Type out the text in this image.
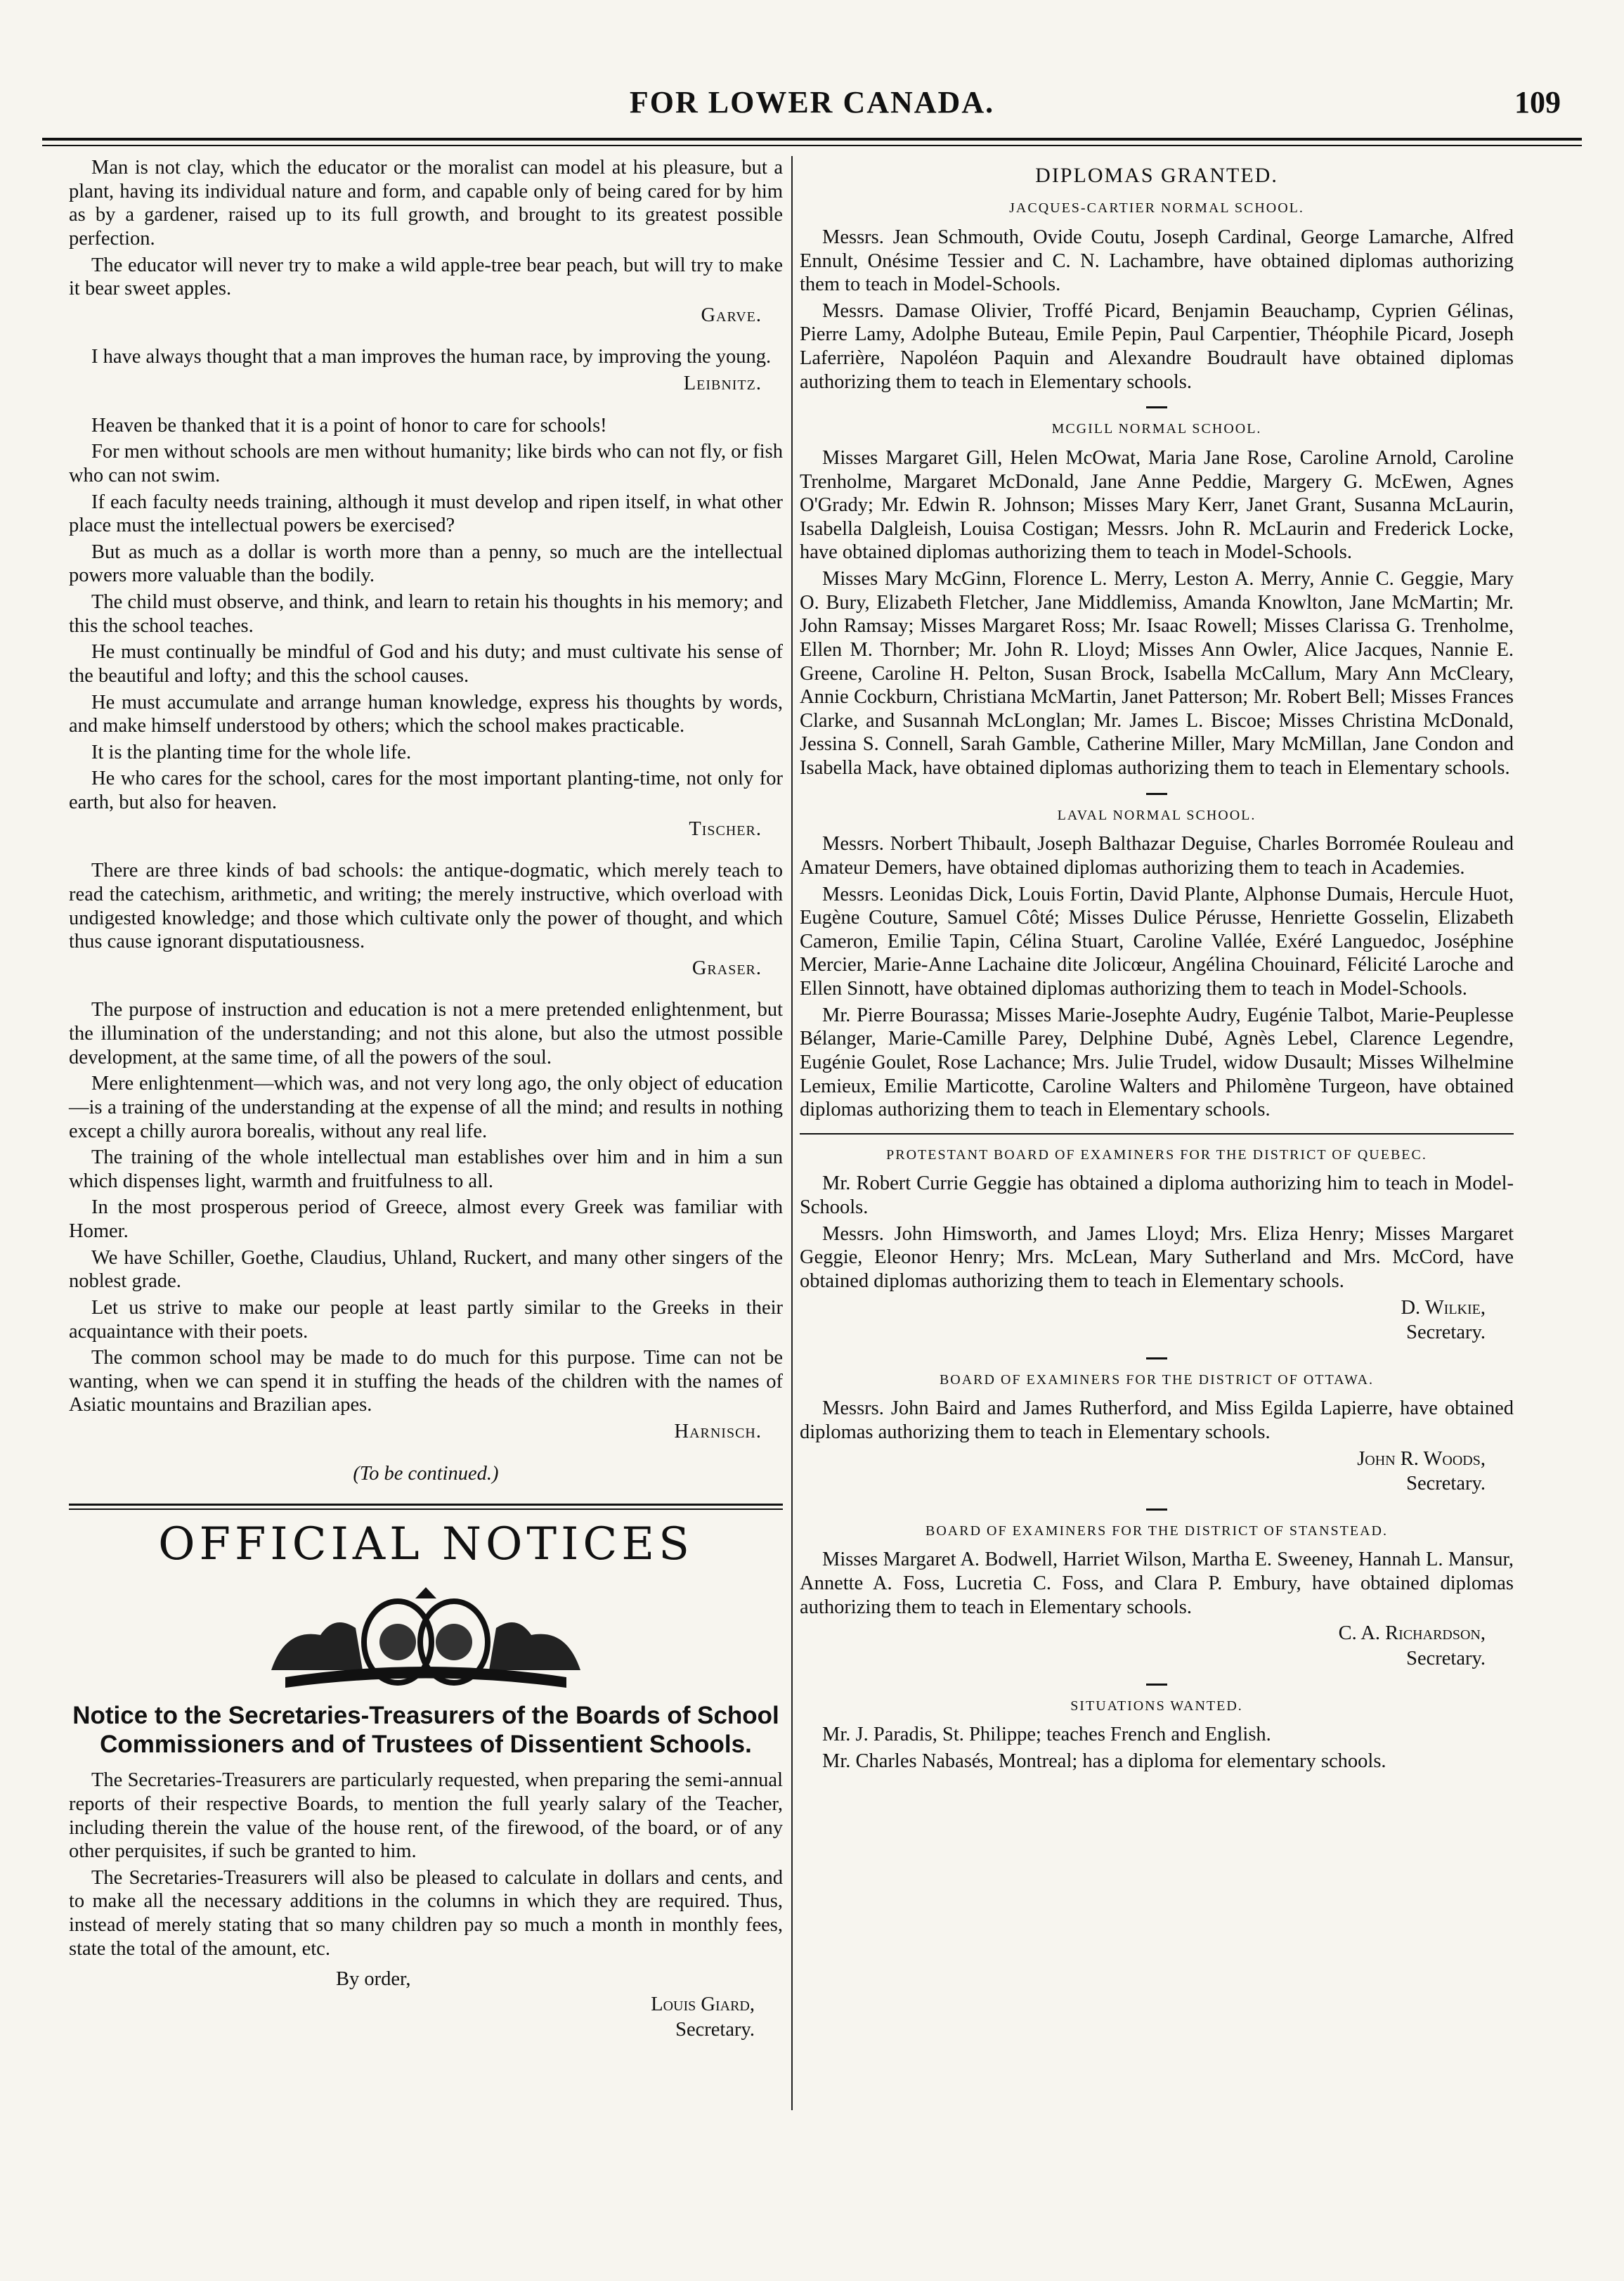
FOR LOWER CANADA.	109

Man is not clay, which the educator or the moralist can model at his pleasure, but a plant, having its individual nature and form, and capable only of being cared for by him as by a gardener, raised up to its full growth, and brought to its greatest possible perfection.

The educator will never try to make a wild apple-tree bear peach, but will try to make it bear sweet apples.

Garve.

I have always thought that a man improves the human race, by improving the young.

Leibnitz.

Heaven be thanked that it is a point of honor to care for schools!

For men without schools are men without humanity; like birds who can not fly, or fish who can not swim.

If each faculty needs training, although it must develop and ripen itself, in what other place must the intellectual powers be exercised?

But as much as a dollar is worth more than a penny, so much are the intellectual powers more valuable than the bodily.

The child must observe, and think, and learn to retain his thoughts in his memory; and this the school teaches.

He must continually be mindful of God and his duty; and must cultivate his sense of the beautiful and lofty; and this the school causes.

He must accumulate and arrange human knowledge, express his thoughts by words, and make himself understood by others; which the school makes practicable.

It is the planting time for the whole life.

He who cares for the school, cares for the most important planting-time, not only for earth, but also for heaven.

Tischer.

There are three kinds of bad schools: the antique-dogmatic, which merely teach to read the catechism, arithmetic, and writing; the merely instructive, which overload with undigested knowledge; and those which cultivate only the power of thought, and which thus cause ignorant disputatiousness.

Graser.

The purpose of instruction and education is not a mere pretended enlightenment, but the illumination of the understanding; and not this alone, but also the utmost possible development, at the same time, of all the powers of the soul.

Mere enlightenment—which was, and not very long ago, the only object of education—is a training of the understanding at the expense of all the mind; and results in nothing except a chilly aurora borealis, without any real life.

The training of the whole intellectual man establishes over him and in him a sun which dispenses light, warmth and fruitfulness to all.

In the most prosperous period of Greece, almost every Greek was familiar with Homer.

We have Schiller, Goethe, Claudius, Uhland, Ruckert, and many other singers of the noblest grade.

Let us strive to make our people at least partly similar to the Greeks in their acquaintance with their poets.

The common school may be made to do much for this purpose. Time can not be wanting, when we can spend it in stuffing the heads of the children with the names of Asiatic mountains and Brazilian apes.

Harnisch.
(To be continued.)
OFFICIAL NOTICES
Notice to the Secretaries-Treasurers of the Boards of School Commissioners and of Trustees of Dissentient Schools.

The Secretaries-Treasurers are particularly requested, when preparing the semi-annual reports of their respective Boards, to mention the full yearly salary of the Teacher, including therein the value of the house rent, of the firewood, of the board, or of any other perquisites, if such be granted to him.

The Secretaries-Treasurers will also be pleased to calculate in dollars and cents, and to make all the necessary additions in the columns in which they are required. Thus, instead of merely stating that so many children pay so much a month in monthly fees, state the total of the amount, etc.

By order,
Louis Giard,
Secretary.
DIPLOMAS GRANTED.
JACQUES-CARTIER NORMAL SCHOOL.

Messrs. Jean Schmouth, Ovide Coutu, Joseph Cardinal, George Lamarche, Alfred Ennult, Onésime Tessier and C. N. Lachambre, have obtained diplomas authorizing them to teach in Model-Schools.

Messrs. Damase Olivier, Troffé Picard, Benjamin Beauchamp, Cyprien Gélinas, Pierre Lamy, Adolphe Buteau, Emile Pepin, Paul Carpentier, Théophile Picard, Joseph Laferrière, Napoléon Paquin and Alexandre Boudrault have obtained diplomas authorizing them to teach in Elementary schools.

MCGILL NORMAL SCHOOL.

Misses Margaret Gill, Helen McOwat, Maria Jane Rose, Caroline Arnold, Caroline Trenholme, Margaret McDonald, Jane Anne Peddie, Margery G. McEwen, Agnes O'Grady; Mr. Edwin R. Johnson; Misses Mary Kerr, Janet Grant, Susanna McLaurin, Isabella Dalgleish, Louisa Costigan; Messrs. John R. McLaurin and Frederick Locke, have obtained diplomas authorizing them to teach in Model-Schools.

Misses Mary McGinn, Florence L. Merry, Leston A. Merry, Annie C. Geggie, Mary O. Bury, Elizabeth Fletcher, Jane Middlemiss, Amanda Knowlton, Jane McMartin; Mr. John Ramsay; Misses Margaret Ross; Mr. Isaac Rowell; Misses Clarissa G. Trenholme, Ellen M. Thornber; Mr. John R. Lloyd; Misses Ann Owler, Alice Jacques, Nannie E. Greene, Caroline H. Pelton, Susan Brock, Isabella McCallum, Mary Ann McCleary, Annie Cockburn, Christiana McMartin, Janet Patterson; Mr. Robert Bell; Misses Frances Clarke, and Susannah McLonglan; Mr. James L. Biscoe; Misses Christina McDonald, Jessina S. Connell, Sarah Gamble, Catherine Miller, Mary McMillan, Jane Condon and Isabella Mack, have obtained diplomas authorizing them to teach in Elementary schools.

LAVAL NORMAL SCHOOL.

Messrs. Norbert Thibault, Joseph Balthazar Deguise, Charles Borromée Rouleau and Amateur Demers, have obtained diplomas authorizing them to teach in Academies.

Messrs. Leonidas Dick, Louis Fortin, David Plante, Alphonse Dumais, Hercule Huot, Eugène Couture, Samuel Côté; Misses Dulice Pérusse, Henriette Gosselin, Elizabeth Cameron, Emilie Tapin, Célina Stuart, Caroline Vallée, Exéré Languedoc, Joséphine Mercier, Marie-Anne Lachaine dite Jolicœur, Angélina Chouinard, Félicité Laroche and Ellen Sinnott, have obtained diplomas authorizing them to teach in Model-Schools.

Mr. Pierre Bourassa; Misses Marie-Josephte Audry, Eugénie Talbot, Marie-Peuplesse Bélanger, Marie-Camille Parey, Delphine Dubé, Agnès Lebel, Clarence Legendre, Eugénie Goulet, Rose Lachance; Mrs. Julie Trudel, widow Dusault; Misses Wilhelmine Lemieux, Emilie Marticotte, Caroline Walters and Philomène Turgeon, have obtained diplomas authorizing them to teach in Elementary schools.

PROTESTANT BOARD OF EXAMINERS FOR THE DISTRICT OF QUEBEC.

Mr. Robert Currie Geggie has obtained a diploma authorizing him to teach in Model-Schools.

Messrs. John Himsworth, and James Lloyd; Mrs. Eliza Henry; Misses Margaret Geggie, Eleonor Henry; Mrs. McLean, Mary Sutherland and Mrs. McCord, have obtained diplomas authorizing them to teach in Elementary schools.

D. Wilkie,
Secretary.
BOARD OF EXAMINERS FOR THE DISTRICT OF OTTAWA.

Messrs. John Baird and James Rutherford, and Miss Egilda Lapierre, have obtained diplomas authorizing them to teach in Elementary schools.

John R. Woods,
Secretary.
BOARD OF EXAMINERS FOR THE DISTRICT OF STANSTEAD.

Misses Margaret A. Bodwell, Harriet Wilson, Martha E. Sweeney, Hannah L. Mansur, Annette A. Foss, Lucretia C. Foss, and Clara P. Embury, have obtained diplomas authorizing them to teach in Elementary schools.

C. A. Richardson,
Secretary.
SITUATIONS WANTED.

Mr. J. Paradis, St. Philippe; teaches French and English.

Mr. Charles Nabasés, Montreal; has a diploma for elementary schools.
